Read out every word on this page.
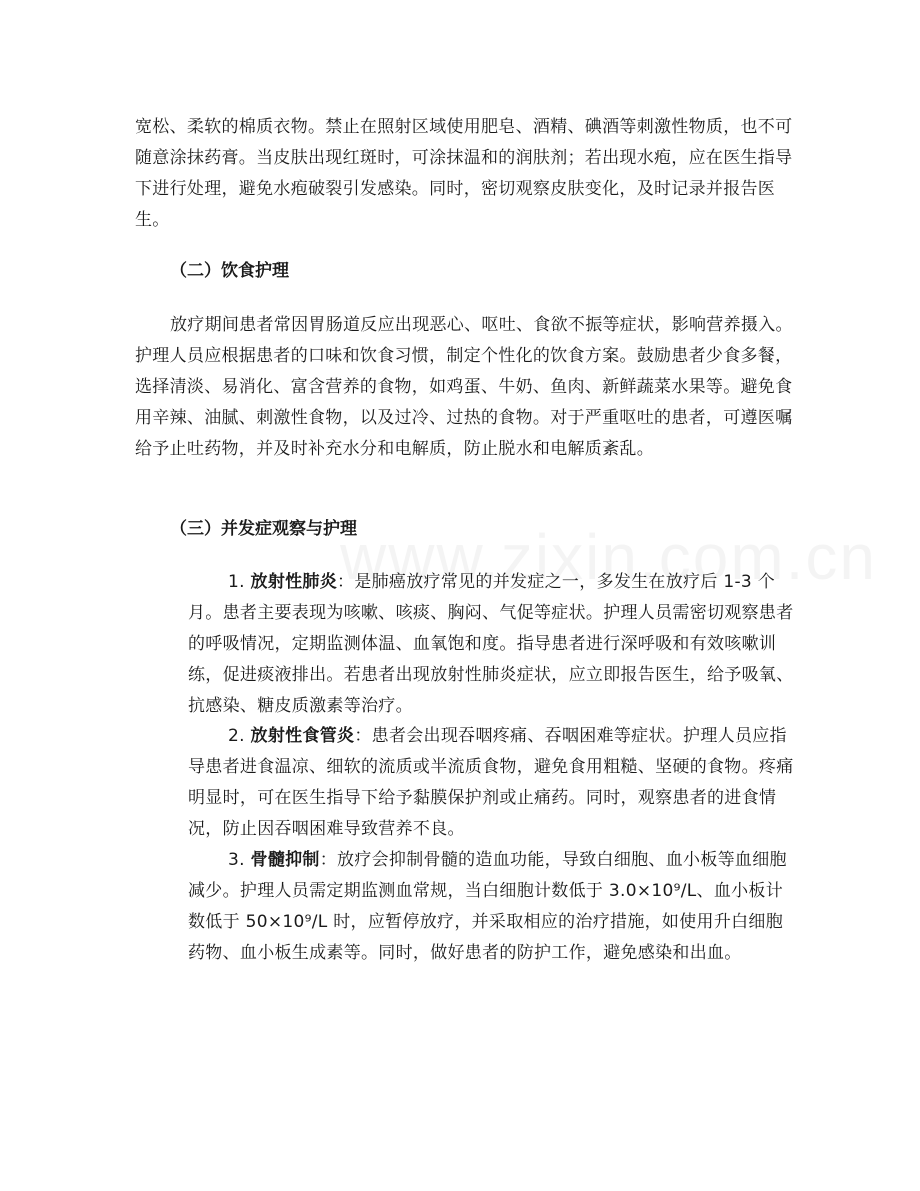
宽松、柔软的棉质衣物。禁止在照射区域使用肥皂、酒精、碘酒等刺激性物质，也不可随意涂抹药膏。当皮肤出现红斑时，可涂抹温和的润肤剂；若出现水疱，应在医生指导下进行处理，避免水疱破裂引发感染。同时，密切观察皮肤变化，及时记录并报告医生。

（二）饮食护理

放疗期间患者常因胃肠道反应出现恶心、呕吐、食欲不振等症状，影响营养摄入。护理人员应根据患者的口味和饮食习惯，制定个性化的饮食方案。鼓励患者少食多餐，选择清淡、易消化、富含营养的食物，如鸡蛋、牛奶、鱼肉、新鲜蔬菜水果等。避免食用辛辣、油腻、刺激性食物，以及过冷、过热的食物。对于严重呕吐的患者，可遵医嘱给予止吐药物，并及时补充水分和电解质，防止脱水和电解质紊乱。

（三）并发症观察与护理

1. 放射性肺炎：是肺癌放疗常见的并发症之一，多发生在放疗后 1-3 个月。患者主要表现为咳嗽、咳痰、胸闷、气促等症状。护理人员需密切观察患者的呼吸情况，定期监测体温、血氧饱和度。指导患者进行深呼吸和有效咳嗽训练，促进痰液排出。若患者出现放射性肺炎症状，应立即报告医生，给予吸氧、抗感染、糖皮质激素等治疗。

2. 放射性食管炎：患者会出现吞咽疼痛、吞咽困难等症状。护理人员应指导患者进食温凉、细软的流质或半流质食物，避免食用粗糙、坚硬的食物。疼痛明显时，可在医生指导下给予黏膜保护剂或止痛药。同时，观察患者的进食情况，防止因吞咽困难导致营养不良。

3. 骨髓抑制：放疗会抑制骨髓的造血功能，导致白细胞、血小板等血细胞减少。护理人员需定期监测血常规，当白细胞计数低于 3.0×10⁹/L、血小板计数低于 50×10⁹/L 时，应暂停放疗，并采取相应的治疗措施，如使用升白细胞药物、血小板生成素等。同时，做好患者的防护工作，避免感染和出血。
